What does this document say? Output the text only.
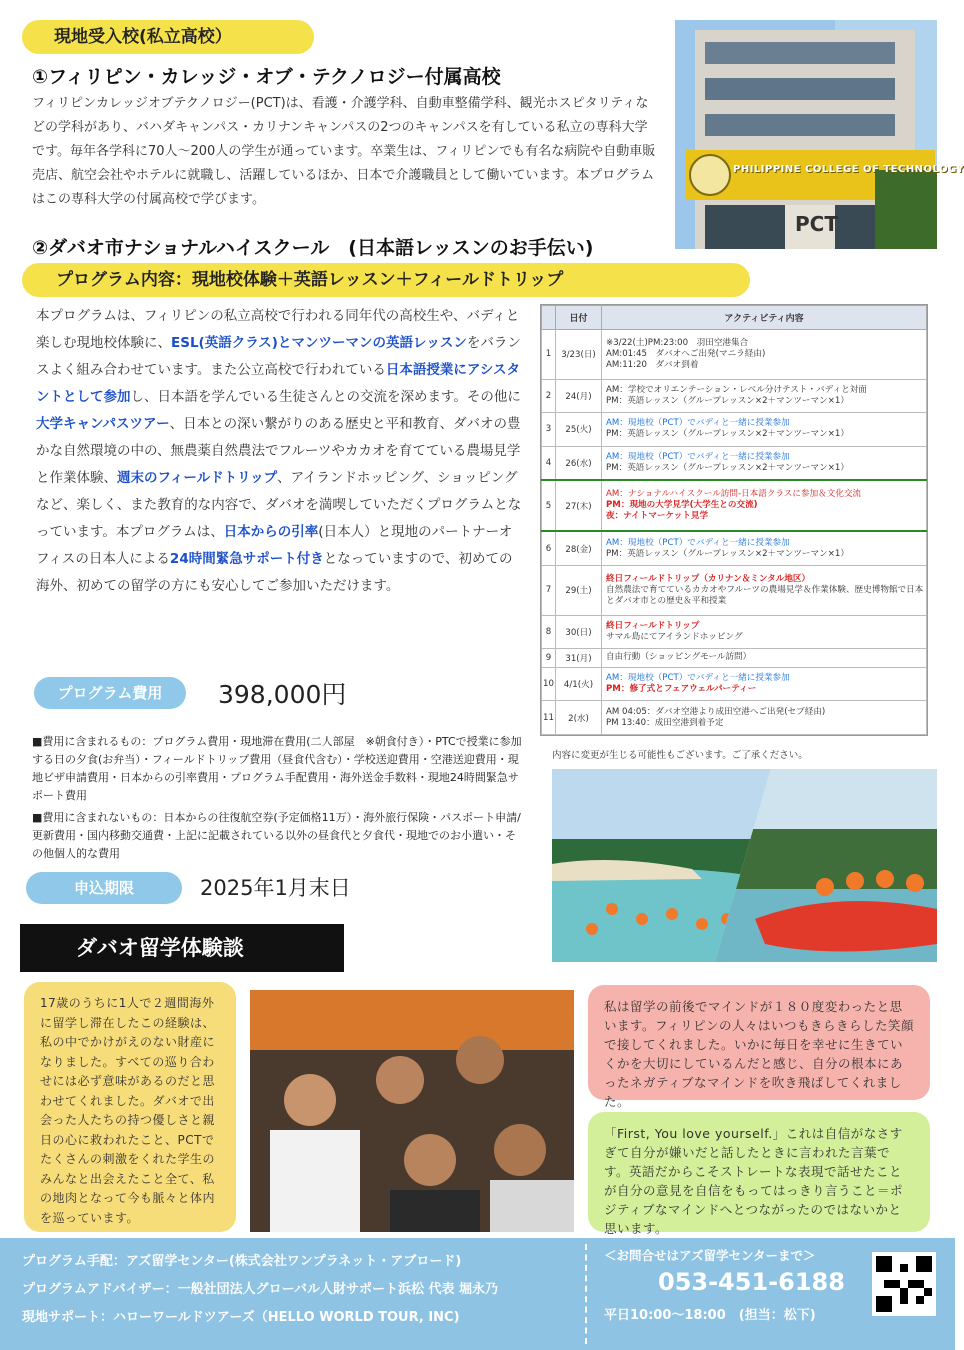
現地受入校(私立高校）
①フィリピン・カレッジ・オブ・テクノロジー付属高校
フィリピンカレッジオブテクノロジー(PCT)は、看護・介護学科、自動車整備学科、観光ホスピタリティなどの学科があり、バハダキャンパス・カリナンキャンパスの2つのキャンパスを有している私立の専科大学です。毎年各学科に70人～200人の学生が通っています。卒業生は、フィリピンでも有名な病院や自動車販売店、航空会社やホテルに就職し、活躍しているほか、日本で介護職員として働いています。本プログラムはこの専科大学の付属高校で学びます。
②ダバオ市ナショナルハイスクール　(日本語レッスンのお手伝い)
PHILIPPINE COLLEGE OF TECHNOLOGY
PCT
プログラム内容：現地校体験＋英語レッスン＋フィールドトリップ
本プログラムは、フィリピンの私立高校で行われる同年代の高校生や、バディと楽しむ現地校体験に、ESL(英語クラス)とマンツーマンの英語レッスンをバランスよく組み合わせています。また公立高校で行われている日本語授業にアシスタントとして参加し、日本語を学んでいる生徒さんとの交流を深めます。その他に大学キャンパスツアー、日本との深い繋がりのある歴史と平和教育、ダバオの豊かな自然環境の中の、無農薬自然農法でフルーツやカカオを育てている農場見学と作業体験、週末のフィールドトリップ、アイランドホッピング、ショッピングなど、楽しく、また教育的な内容で、ダバオを満喫していただくプログラムとなっています。本プログラムは、日本からの引率(日本人）と現地のパートナーオフィスの日本人による24時間緊急サポート付きとなっていますので、初めての海外、初めての留学の方にも安心してご参加いただけます。
プログラム費用	398,000円
■費用に含まれるもの：プログラム費用・現地滞在費用(二人部屋　※朝食付き）・PTCで授業に参加する日の夕食(お弁当）・フィールドトリップ費用（昼食代含む）・学校送迎費用・空港送迎費用・現地ビザ申請費用・日本からの引率費用・プログラム手配費用・海外送金手数料・現地24時間緊急サポート費用
■費用に含まれないもの：日本からの往復航空券(予定価格11万）・海外旅行保険・パスポート申請/更新費用・国内移動交通費・上記に記載されている以外の昼食代と夕食代・現地でのお小遣い・その他個人的な費用
申込期限	2025年1月末日
	日付	アクティビティ内容
1	3/23(日)	※3/22(土)PM:23:00　羽田空港集合
AM:01:45　ダバオへご出発(マニラ経由)
AM:11:20　ダバオ到着

2	24(月)	AM：学校でオリエンテーション・レベル分けテスト・バディと対面
PM：英語レッスン（グループレッスン×2＋マンツーマン×1）

3	25(火)	AM：現地校（PCT）でバディと一緒に授業参加
PM：英語レッスン（グループレッスン×2＋マンツーマン×1）

4	26(水)	AM：現地校（PCT）でバディと一緒に授業参加
PM：英語レッスン（グループレッスン×2＋マンツーマン×1）

5	27(木)	AM：ナショナルハイスクール訪問-日本語クラスに参加＆文化交流
PM：現地の大学見学(大学生との交流)
夜：ナイトマーケット見学

6	28(金)	AM：現地校（PCT）でバディと一緒に授業参加
PM：英語レッスン（グループレッスン×2＋マンツーマン×1）

7	29(土)	終日フィールドトリップ（カリナン＆ミンタル地区）
自然農法で育てているカカオやフルーツの農場見学＆作業体験、歴史博物館で日本とダバオ市との歴史＆平和授業

8	30(日)	終日フィールドトリップ
サマル島にてアイランドホッピング

9	31(月)	自由行動（ショッピングモール訪問）

10	4/1(火)	AM：現地校（PCT）でバディと一緒に授業参加
PM：修了式とフェアウェルパーティー

11	2(水)	AM 04:05：ダバオ空港より成田空港へご出発(セブ経由)
PM 13:40：成田空港到着予定
内容に変更が生じる可能性もございます。ご了承ください。
ダバオ留学体験談
17歳のうちに1人で２週間海外に留学し滞在したこの経験は、私の中でかけがえのない財産になりました。すべての巡り合わせには必ず意味があるのだと思わせてくれました。ダバオで出会った人たちの持つ優しさと親日の心に救われたこと、PCTでたくさんの刺激をくれた学生のみんなと出会えたこと全て、私の地肉となって今も脈々と体内を巡っています。
私は留学の前後でマインドが１８０度変わったと思います。フィリピンの人々はいつもきらきらした笑顔で接してくれました。いかに毎日を幸せに生きていくかを大切にしているんだと感じ、自分の根本にあったネガティブなマインドを吹き飛ばしてくれました。
「First, You love yourself.」これは自信がなさすぎて自分が嫌いだと話したときに言われた言葉です。英語だからこそストレートな表現で話せたことが自分の意見を自信をもってはっきり言うこと＝ポジティブなマインドへとつながったのではないかと思います。
プログラム手配：アズ留学センター(株式会社ワンプラネット・アブロード)
プログラムアドバイザー：一般社団法人グローバル人財サポート浜松 代表 堀永乃
現地サポート：ハローワールドツアーズ（HELLO WORLD TOUR, INC)
＜お問合せはアズ留学センターまで＞
053-451-6188
平日10:00～18:00　(担当：松下)
